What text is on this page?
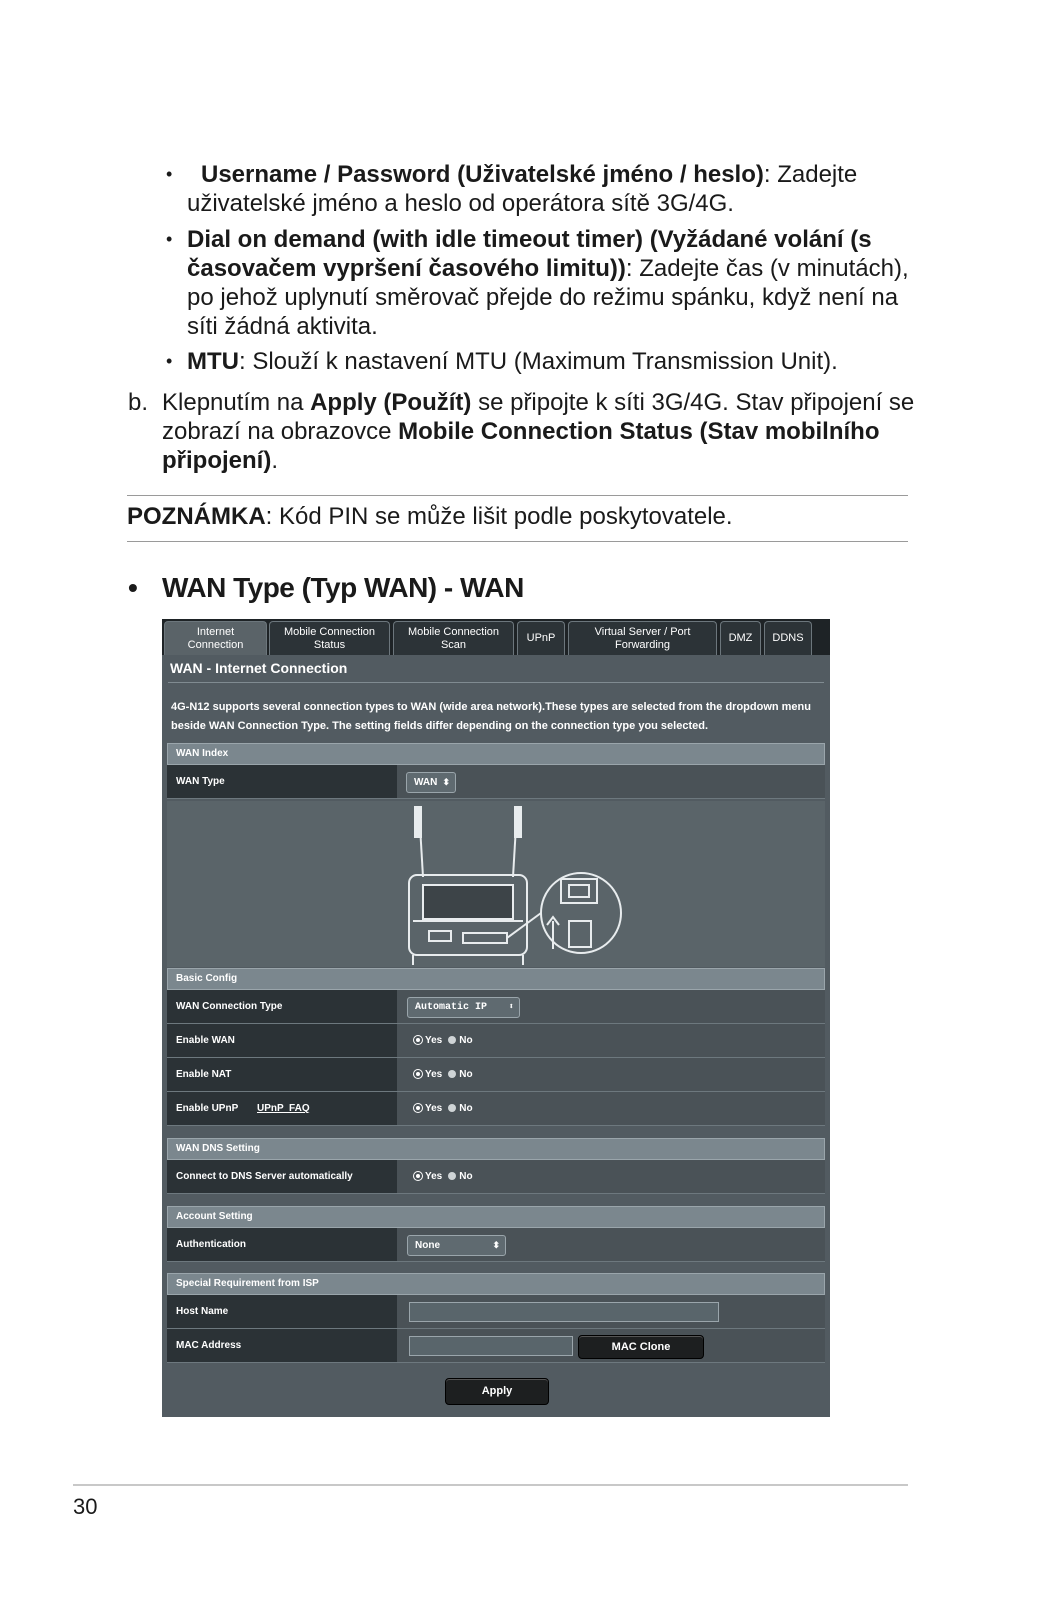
•	Username / Password (Uživatelské jméno / heslo): Zadejte uživatelské jméno a heslo od operátora sítě 3G/4G.
• Dial on demand (with idle timeout timer) (Vyžádané volání (s časovačem vypršení časového limitu)): Zadejte čas (v minutách), po jehož uplynutí směrovač přejde do režimu spánku, když není na síti žádná aktivita.
• MTU: Slouží k nastavení MTU (Maximum Transmission Unit).
b. Klepnutím na Apply (Použít) se připojte k síti 3G/4G. Stav připojení se zobrazí na obrazovce Mobile Connection Status (Stav mobilního připojení).
POZNÁMKA: Kód PIN se může lišit podle poskytovatele.
• WAN Type (Typ WAN) - WAN
Internet
Connection
Mobile Connection
Status
Mobile Connection
Scan
UPnP
Virtual Server / Port
Forwarding
DMZ DDNS
WAN - Internet Connection
4G-N12 supports several connection types to WAN (wide area network).These types are selected from the dropdown menu beside WAN Connection Type. The setting fields differ depending on the connection type you selected.
WAN Index
WAN Type	WAN ⬍
Basic Config
WAN Connection Type	Automatic IP ⬍
Enable WAN	Yes No
Enable NAT	Yes No
Enable UPnP UPnP  FAQ	Yes No
WAN DNS Setting
Connect to DNS Server automatically	Yes No
Account Setting
Authentication	None	⬍
Special Requirement from ISP
Host Name
MAC Address	MAC Clone
Apply
30
